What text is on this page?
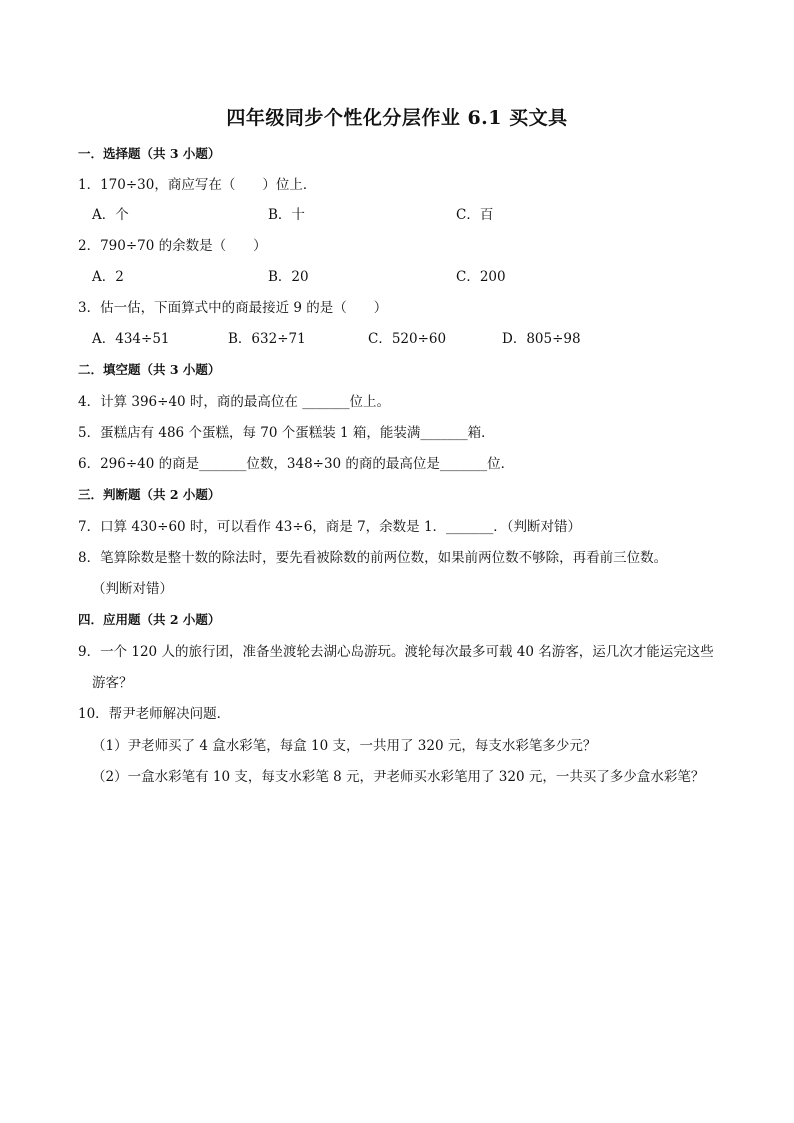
四年级同步个性化分层作业 6.1 买文具
一．选择题（共 3 小题）
1．170÷30，商应写在（　　）位上．
A．个	B．十	C．百
2．790÷70 的余数是（　　）
A．2	B．20	C．200
3．估一估，下面算式中的商最接近 9 的是（　　）
A．434÷51	B．632÷71	C．520÷60	D．805÷98
二．填空题（共 3 小题）
4．计算 396÷40 时，商的最高位在 _______位上。
5．蛋糕店有 486 个蛋糕，每 70 个蛋糕装 1 箱，能装满_______箱．
6．296÷40 的商是_______位数，348÷30 的商的最高位是_______位．
三．判断题（共 2 小题）
7．口算 430÷60 时，可以看作 43÷6，商是 7，余数是 1．_______．（判断对错）
8．笔算除数是整十数的除法时，要先看被除数的前两位数，如果前两位数不够除，再看前三位数。
（判断对错）
四．应用题（共 2 小题）
9．一个 120 人的旅行团，准备坐渡轮去湖心岛游玩。渡轮每次最多可载 40 名游客，运几次才能运完这些
游客？
10．帮尹老师解决问题．
（1）尹老师买了 4 盒水彩笔，每盒 10 支，一共用了 320 元，每支水彩笔多少元？
（2）一盒水彩笔有 10 支，每支水彩笔 8 元，尹老师买水彩笔用了 320 元，一共买了多少盒水彩笔？
